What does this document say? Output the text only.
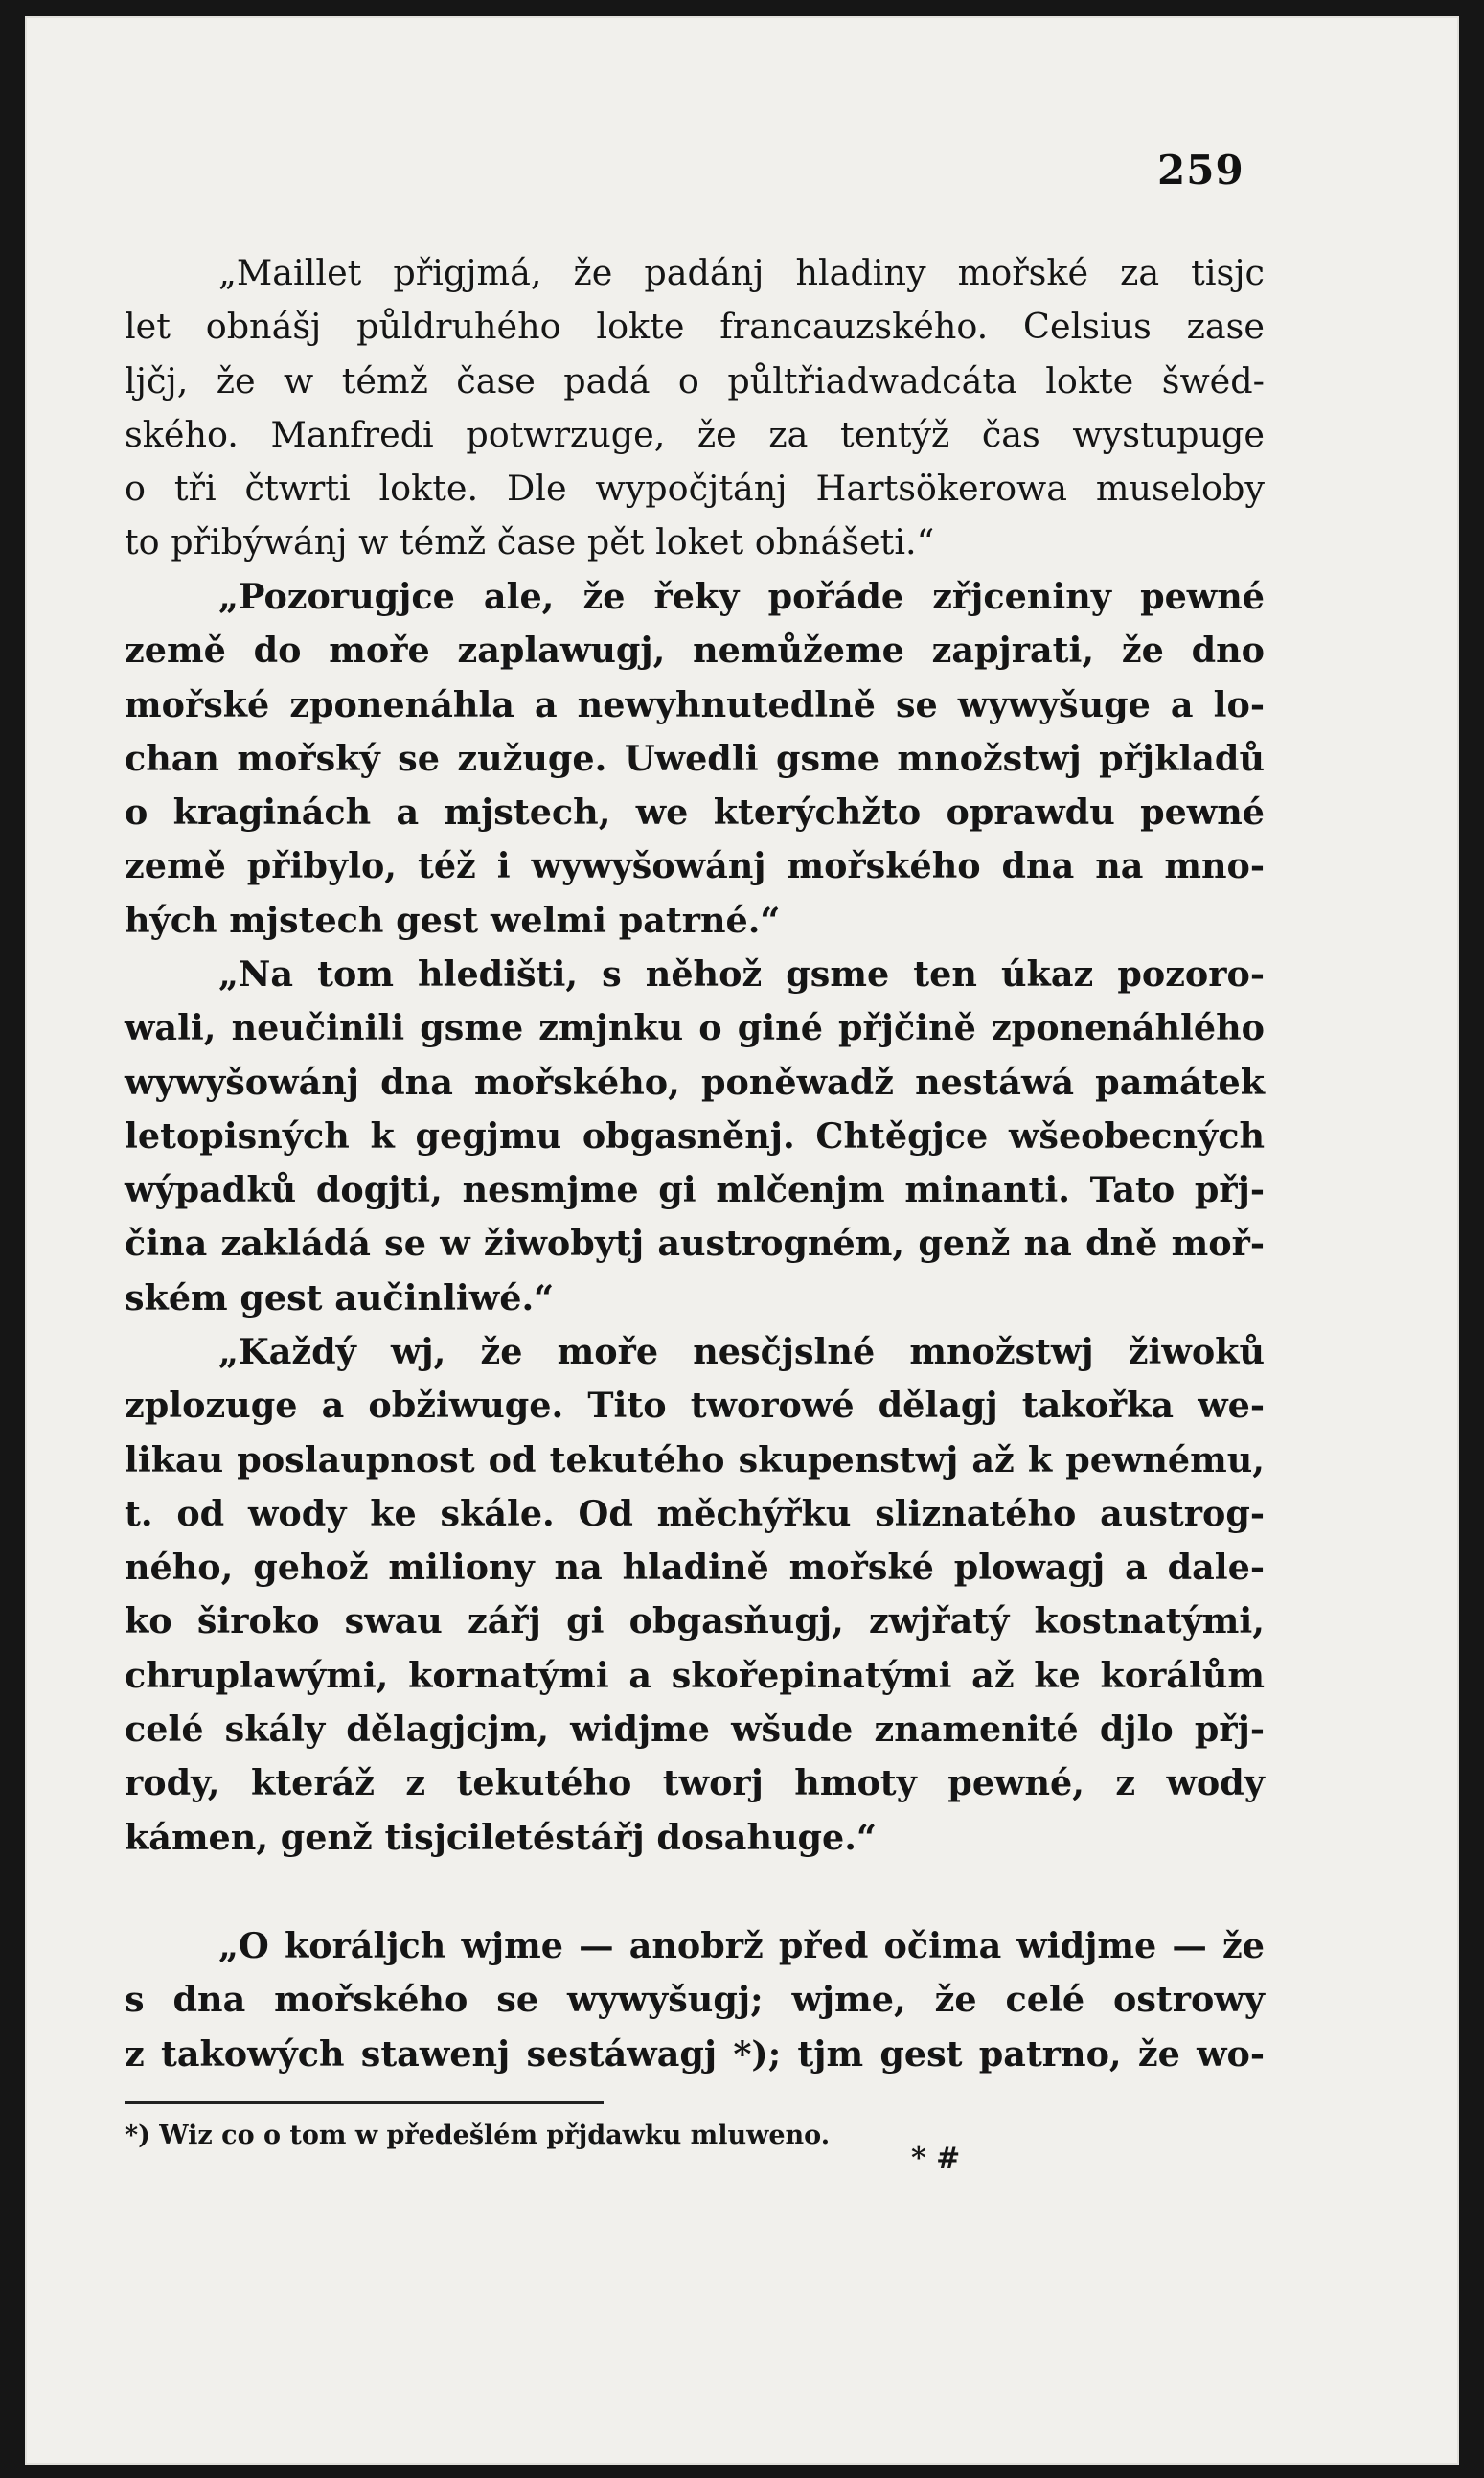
259
„Maillet přigjmá, že padánj hladiny mořské za tisjc
let obnášj půldruhého lokte francauzského. Celsius zase
ljčj, že w témž čase padá o půltřiadwadcáta lokte šwéd-
ského. Manfredi potwrzuge, že za tentýž čas wystupuge
o tři čtwrti lokte. Dle wypočjtánj Hartsökerowa museloby
to přibýwánj w témž čase pět loket obnášeti.“
„Pozorugjce ale, že řeky pořáde zřjceniny pewné
země do moře zaplawugj, nemůžeme zapjrati, že dno
mořské zponenáhla a newyhnutedlně se wywyšuge a lo-
chan mořský se zužuge. Uwedli gsme množstwj přjkladů
o kraginách a mjstech, we kterýchžto oprawdu pewné
země přibylo, též i wywyšowánj mořského dna na mno-
hých mjstech gest welmi patrné.“
„Na tom hledišti, s něhož gsme ten úkaz pozoro-
wali, neučinili gsme zmjnku o giné přjčině zponenáhlého
wywyšowánj dna mořského, poněwadž nestáwá památek
letopisných k gegjmu obgasněnj. Chtěgjce wšeobecných
wýpadků dogjti, nesmjme gi mlčenjm minanti. Tato přj-
čina zakládá se w žiwobytj austrogném, genž na dně moř-
ském gest aučinliwé.“
„Každý wj, že moře nesčjslné množstwj žiwoků
zplozuge a obžiwuge. Tito tworowé dělagj takořka we-
likau poslaupnost od tekutého skupenstwj až k pewnému,
t. od wody ke skále. Od měchýřku sliznatého austrog-
ného, gehož miliony na hladině mořské plowagj a dale-
ko široko swau zářj gi obgasňugj, zwjřatý kostnatými,
chruplawými, kornatými a skořepinatými až ke korálům
celé skály dělagjcjm, widjme wšude znamenité djlo přj-
rody, kteráž z tekutého tworj hmoty pewné, z wody
kámen, genž tisjciletéstářj dosahuge.“
„O koráljch wjme — anobrž před očima widjme — že
s dna mořského se wywyšugj; wjme, že celé ostrowy
z takowých stawenj sestáwagj *); tjm gest patrno, že wo-
*) Wiz co o tom w předešlém přjdawku mluweno.
* #
